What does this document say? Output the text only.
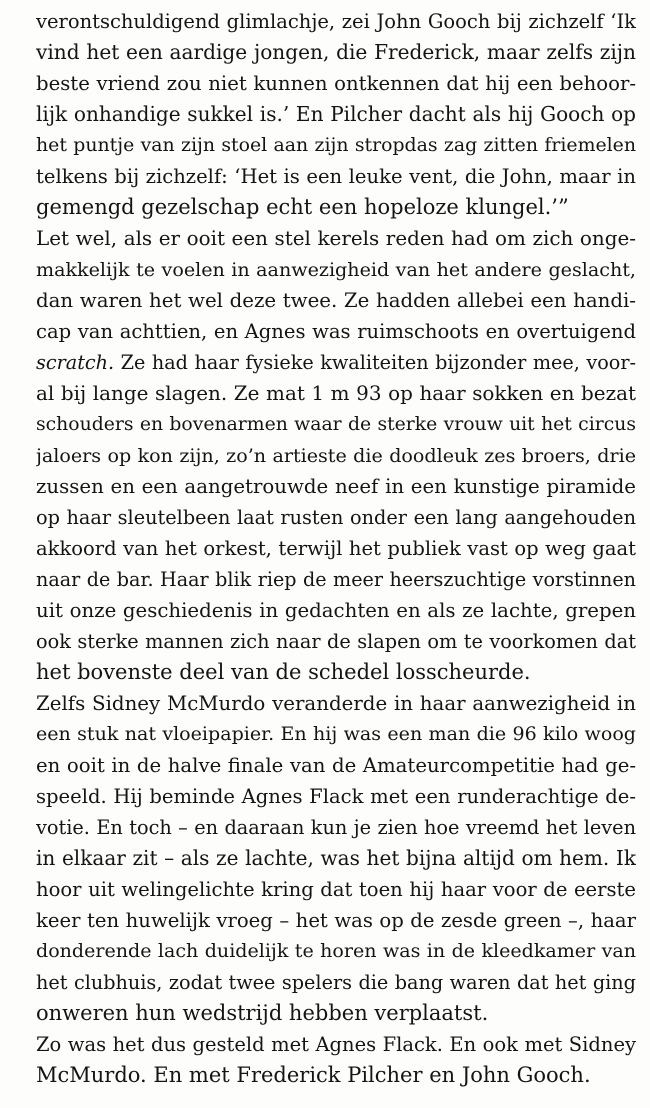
verontschuldigend glimlachje, zei John Gooch bij zichzelf ‘Ik
vind het een aardige jongen, die Frederick, maar zelfs zijn
beste vriend zou niet kunnen ontkennen dat hij een behoor-
lijk onhandige sukkel is.’ En Pilcher dacht als hij Gooch op
het puntje van zijn stoel aan zijn stropdas zag zitten friemelen
telkens bij zichzelf: ‘Het is een leuke vent, die John, maar in
gemengd gezelschap echt een hopeloze klungel.’”
Let wel, als er ooit een stel kerels reden had om zich onge-
makkelijk te voelen in aanwezigheid van het andere geslacht,
dan waren het wel deze twee. Ze hadden allebei een handi-
cap van achttien, en Agnes was ruimschoots en overtuigend
scratch. Ze had haar fysieke kwaliteiten bijzonder mee, voor-
al bij lange slagen. Ze mat 1 m 93 op haar sokken en bezat
schouders en bovenarmen waar de sterke vrouw uit het circus
jaloers op kon zijn, zo’n artieste die doodleuk zes broers, drie
zussen en een aangetrouwde neef in een kunstige piramide
op haar sleutelbeen laat rusten onder een lang aangehouden
akkoord van het orkest, terwijl het publiek vast op weg gaat
naar de bar. Haar blik riep de meer heerszuchtige vorstinnen
uit onze geschiedenis in gedachten en als ze lachte, grepen
ook sterke mannen zich naar de slapen om te voorkomen dat
het bovenste deel van de schedel losscheurde.
Zelfs Sidney McMurdo veranderde in haar aanwezigheid in
een stuk nat vloeipapier. En hij was een man die 96 kilo woog
en ooit in de halve finale van de Amateurcompetitie had ge-
speeld. Hij beminde Agnes Flack met een runderachtige de-
votie. En toch – en daaraan kun je zien hoe vreemd het leven
in elkaar zit – als ze lachte, was het bijna altijd om hem. Ik
hoor uit welingelichte kring dat toen hij haar voor de eerste
keer ten huwelijk vroeg – het was op de zesde green –, haar
donderende lach duidelijk te horen was in de kleedkamer van
het clubhuis, zodat twee spelers die bang waren dat het ging
onweren hun wedstrijd hebben verplaatst.
Zo was het dus gesteld met Agnes Flack. En ook met Sidney
McMurdo. En met Frederick Pilcher en John Gooch.
